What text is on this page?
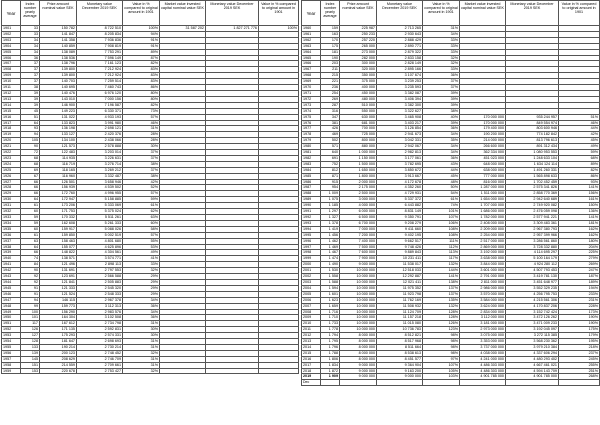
Year	Index number yearly average	Prize amount nominal value SEK	Monetary value December 2019 SEK	Value in % compared to original amount in 1901	Market value invested capital nominal value SEK	Monetary value December 2019 SEK	Value in % compared to original amount in 1901
1901	33	150 782	8 722 510	100%	31 587 202	1 827 271 776	100%
1902	33	141 847	8 205 834	94%			
1903	34	141 358	7 936 836	91%			
1904	34	140 859	7 908 819	91%			
1905	34	138 089	7 753 291	89%			
1906	36	138 536	7 596 149	87%			
1907	37	138 796	7 161 123	82%			
1908	37	139 800	7 212 924	83%			
1909	37	139 800	7 212 924	83%			
1910	37	140 703	7 259 514	83%			
1911	38	140 695	7 460 743	86%			
1912	39	140 476	6 976 120	80%			
1913	39	143 010	7 000 156	80%			
1914	39	146 900	7 196 587	82%			
1915	45	149 223	6 330 371	73%			
1916	51	131 022	4 933 193	57%			
1917	64	133 823	3 991 980	46%			
1918	93	136 198	2 698 121	31%			
1919	94	133 127	2 420 376	28%			
1920	105	134 100	2 438 066	28%			
1921	90	121 573	2 578 888	30%			
1922	72	122 483	3 203 014	37%			
1923	68	114 935	3 226 631	37%			
1924	68	116 719	3 276 714	38%			
1925	69	118 165	3 269 212	37%			
1926	67	116 960	3 332 487	38%			
1927	66	126 501	3 658 946	42%			
1928	66	156 939	4 539 502	52%			
1929	66	172 760	4 996 955	57%			
1930	64	172 947	5 158 885	59%			
1931	61	173 206	5 333 069	61%			
1932	60	171 753	5 375 024	62%			
1933	59	170 332	5 511 261	63%			
1934	59	162 608	5 261 333	60%			
1935	60	159 917	5 088 026	58%			
1936	61	159 850	5 002 519	57%			
1937	63	158 463	4 801 680	55%			
1938	64	155 077	4 625 896	53%			
1939	66	148 822	4 304 561	49%			
1940	74	138 571	3 574 771	41%			
1941	84	121 496	2 898 113	33%			
1942	90	131 691	2 797 553	32%			
1943	92	123 691	2 566 588	29%			
1944	92	121 841	2 505 883	29%			
1945	91	121 333	2 545 320	29%			
1946	91	121 524	2 548 333	29%			
1947	94	146 115	2 967 378	34%			
1948	99	159 773	3 112 313	36%			
1949	100	156 290	2 983 576	34%			
1950	101	164 304	3 102 508	36%			
1951	117	167 612	2 734 798	31%			
1952	126	171 135	2 592 831	30%			
1953	127	175 293	2 574 331	30%			
1954	128	181 647	2 698 693	31%			
1955	133	190 214	2 730 214	31%			
1956	139	200 123	2 748 452	32%			
1957	145	208 629	2 746 709	31%			
1958	151	214 559	2 709 661	31%			
1959	153	220 678	2 753 427	32%			
Year	Index number yearly average	Prize amount nominal value SEK	Monetary value December 2019 SEK	Value in % compared to original amount in 1901	Market value invested capital nominal value SEK	Monetary value December 2019 SEK	Value in % compared to original amount in 1901
1960	159	225 987	2 713 265	31%			
1961	163	250 233	2 930 643	34%			
1962	170	257 220	2 888 429	33%			
1963	175	265 000	2 890 771	33%			
1964	181	273 000	2 879 322	33%			
1965	190	282 000	2 833 158	32%			
1966	203	300 000	2 828 149	32%			
1967	211	320 000	2 895 166	33%			
1968	215	350 000	3 107 674	36%			
1969	221	375 000	3 239 253	37%			
1970	236	400 000	3 235 593	37%			
1971	254	450 000	3 382 087	39%			
1972	269	480 000	3 406 394	39%			
1973	287	510 000	3 382 300	39%			
1974	316	550 000	3 322 627	38%			
1975	347	630 000	3 465 908	40%	170 000 000	935 244 957	51%
1976	381	681 000	3 403 217	39%	170 000 000	849 554 974	46%
1977	426	700 000	3 126 854	36%	179 400 000	803 600 946	44%
1978	469	725 000	2 941 673	34%	190 200 000	774 182 842	42%
1979	502	800 000	3 042 331	35%	214 000 000	813 796 613	45%
1980	571	880 000	2 942 067	34%	266 600 000	891 312 434	49%
1981	640	1 000 000	2 982 813	34%	362 334 000	1 080 953 553	59%
1982	691	1 150 000	3 177 061	36%	451 023 000	1 248 633 104	68%
1983	752	1 500 000	3 782 695	43%	648 000 000	1 634 124 114	89%
1984	812	1 650 000	3 850 672	44%	638 000 000	1 491 260 331	82%
1985	871	1 800 000	3 913 667	45%	777 000 000	1 565 898 633	86%
1986	915	2 000 000	4 172 678	48%	816 000 000	1 702 452 459	93%
1987	954	2 175 000	4 352 260	50%	1 287 000 000	2 575 341 826	141%
1988	1 009	2 500 000	4 729 931	54%	1 511 000 000	2 858 770 369	156%
1989	1 075	3 000 000	5 337 372	61%	1 654 000 000	2 942 640 689	161%
1990	1 185	4 000 000	6 443 882	74%	1 707 000 000	2 749 920 082	150%
1991	1 297	6 000 000	8 831 149	101%	1 686 000 000	2 476 059 098	136%
1992	1 327	6 500 000	9 350 791	107%	1 782 000 000	2 577 941 221	141%
1993	1 378	6 700 000	9 208 279	106%	2 408 000 000	3 309 483 361	181%
1994	1 419	7 000 000	9 411 660	108%	2 209 000 000	2 967 380 793	162%
1995	1 456	7 200 000	9 402 195	108%	2 254 000 000	2 957 399 966	162%
1996	1 462	7 400 000	9 662 517	111%	2 517 000 000	3 286 561 860	180%
1997	1 469	7 500 000	9 748 426	112%	2 869 000 000	3 728 332 880	204%
1998	1 467	7 600 000	9 889 843	113%	3 192 000 000	4 114 695 297	225%
1999	1 474	7 900 000	10 231 411	117%	3 638 000 000	5 100 164 179	279%
2000	1 490	9 000 000	11 538 017	132%	3 844 000 000	4 924 280 112	269%
2001	1 530	10 000 000	12 518 033	144%	3 601 000 000	4 507 793 453	247%
2002	1 558	10 000 000	12 292 887	141%	2 791 000 000	3 419 781 130	187%
2003	1 588	10 000 000	12 021 411	138%	2 811 000 000	3 451 648 977	189%
2004	1 594	10 000 000	11 975 352	137%	2 986 000 000	3 552 329 235	194%
2005	1 601	10 000 000	11 923 798	137%	3 570 000 000	4 256 795 753	233%
2006	1 623	10 000 000	11 762 169	135%	3 584 000 000	4 215 561 306	231%
2007	1 659	10 000 000	11 508 932	132%	3 624 000 000	4 170 837 206	228%
2008	1 716	10 000 000	11 124 709	128%	2 834 000 000	3 152 742 424	173%
2009	1 710	10 000 000	11 157 218	128%	3 112 000 000	3 472 126 262	190%
2010	1 733	10 000 000	11 015 080	126%	3 181 000 000	3 471 009 233	190%
2011	1 778	10 000 000	10 736 783	123%	2 973 000 000	3 192 045 097	175%
2012	1 794	8 000 000	8 512 821	98%	3 075 000 000	3 272 115 385	179%
2013	1 795	8 000 000	8 517 968	98%	3 353 000 000	3 568 230 362	195%
2014	1 796	8 000 000	8 511 664	98%	3 737 000 000	3 979 210 384	218%
2015	1 788	8 000 000	8 538 613	98%	4 038 000 000	4 337 606 294	237%
2016	1 806	8 000 000	8 451 577	97%	4 241 000 000	4 480 293 402	245%
2017	1 834	9 000 000	9 364 904	107%	4 486 303 000	4 667 461 021	255%
2018	1 872	9 000 000	9 163 200	105%	4 486 303 000	4 594 143 709	251%
2019	1 909	9 000 000	9 000 000	103%	4 901 785 000	4 901 785 000	268%
Dec							
